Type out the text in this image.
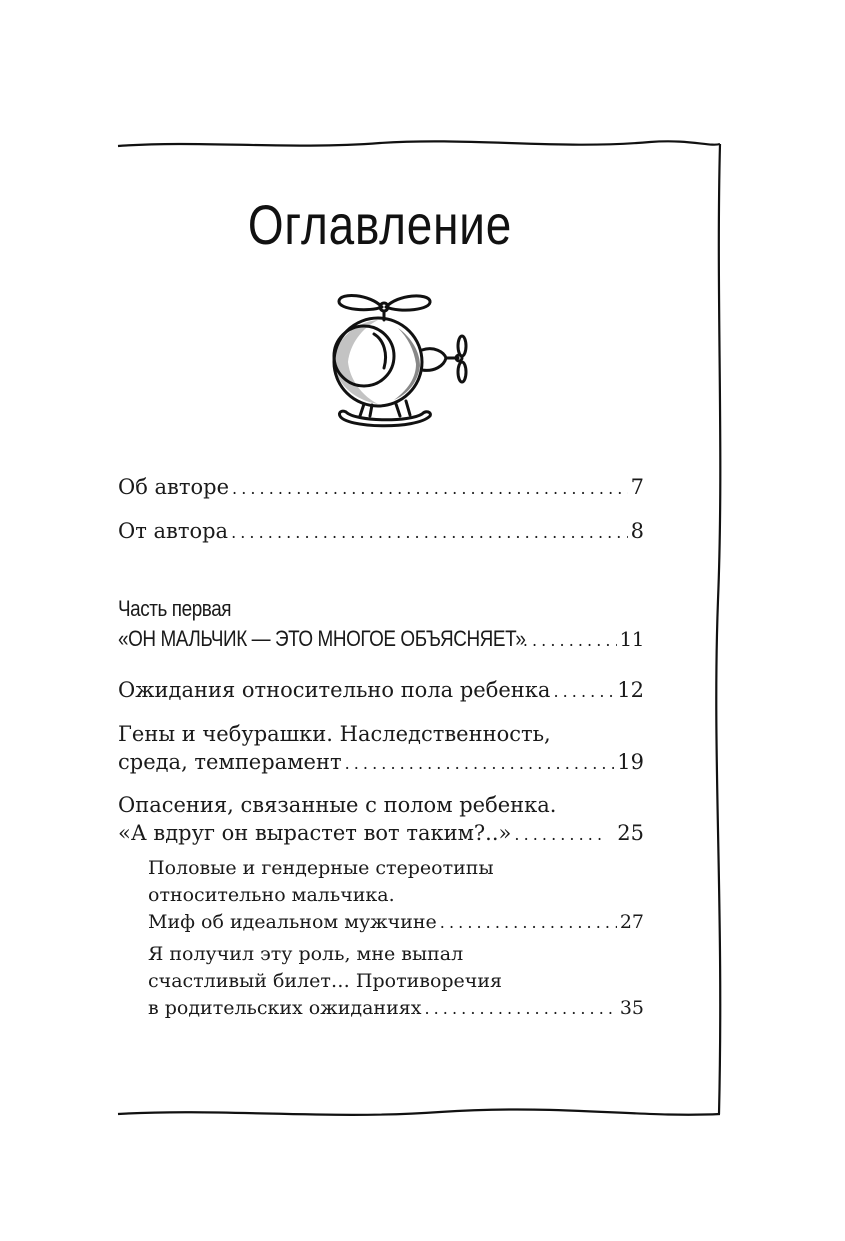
Оглавление
Об авторе . . .	7
От автора . . .	8
Часть первая
«ОН МАЛЬЧИК — ЭТО МНОГОЕ ОБЪЯСНЯЕТ» . . .	11
Ожидания относительно пола ребенка . . .	12
Гены и чебурашки. Наследственность,
среда, темперамент . . .	19
Опасения, связанные с полом ребенка.
«А вдруг он вырастет вот таким?..» . . .	25
Половые и гендерные стереотипы
относительно мальчика.
Миф об идеальном мужчине . . .	27
Я получил эту роль, мне выпал
счастливый билет… Противоречия
в родительских ожиданиях . . .	35
